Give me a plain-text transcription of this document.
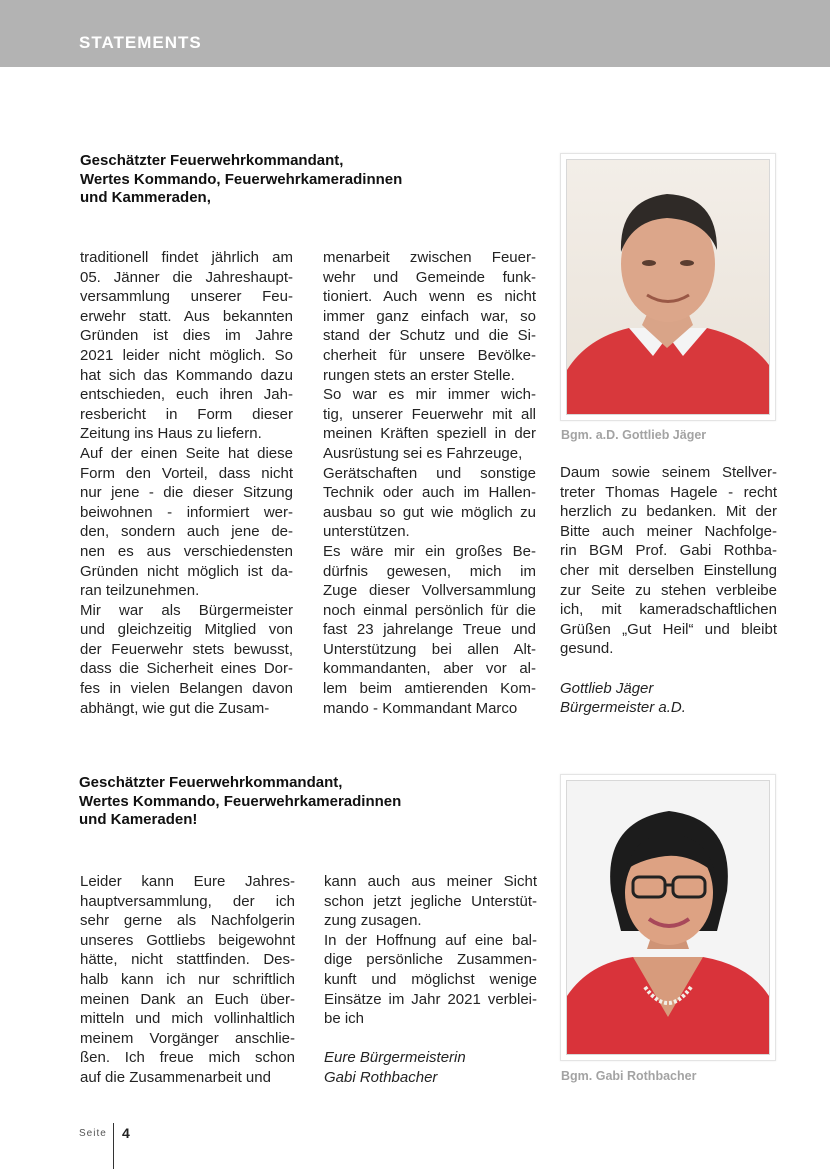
STATEMENTS
Geschätzter Feuerwehrkommandant,
Wertes Kommando, Feuerwehrkameradinnen
und Kammeraden,
traditionell findet jährlich am
05. Jänner die Jahreshaupt-
versammlung unserer Feu-
erwehr statt. Aus bekannten
Gründen ist dies im Jahre
2021 leider nicht möglich. So
hat sich das Kommando dazu
entschieden, euch ihren Jah-
resbericht in Form dieser
Zeitung ins Haus zu liefern.
Auf der einen Seite hat diese
Form den Vorteil, dass nicht
nur jene - die dieser Sitzung
beiwohnen - informiert wer-
den, sondern auch jene de-
nen es aus verschiedensten
Gründen nicht möglich ist da-
ran teilzunehmen.
Mir war als Bürgermeister
und gleichzeitig Mitglied von
der Feuerwehr stets bewusst,
dass die Sicherheit eines Dor-
fes in vielen Belangen davon
abhängt, wie gut die Zusam-
menarbeit zwischen Feuer-
wehr und Gemeinde funk-
tioniert. Auch wenn es nicht
immer ganz einfach war, so
stand der Schutz und die Si-
cherheit für unsere Bevölke-
rungen stets an erster Stelle.
So war es mir immer wich-
tig, unserer Feuerwehr mit all
meinen Kräften speziell in der
Ausrüstung sei es Fahrzeuge,
Gerätschaften und sonstige
Technik oder auch im Hallen-
ausbau so gut wie möglich zu
unterstützen.
Es wäre mir ein großes Be-
dürfnis gewesen, mich im
Zuge dieser Vollversammlung
noch einmal persönlich für die
fast 23 jahrelange Treue und
Unterstützung bei allen Alt-
kommandanten, aber vor al-
lem beim amtierenden Kom-
mando - Kommandant Marco
Bgm. a.D. Gottlieb Jäger
Daum sowie seinem Stellver-
treter Thomas Hagele - recht
herzlich zu bedanken. Mit der
Bitte auch meiner Nachfolge-
rin BGM Prof. Gabi Rothba-
cher mit derselben Einstellung
zur Seite zu stehen verbleibe
ich, mit kameradschaftlichen
Grüßen „Gut Heil“ und bleibt
gesund.
Gottlieb Jäger
Bürgermeister a.D.
Geschätzter Feuerwehrkommandant,
Wertes Kommando, Feuerwehrkameradinnen
und Kameraden!
Leider kann Eure Jahres-
hauptversammlung, der ich
sehr gerne als Nachfolgerin
unseres Gottliebs beigewohnt
hätte, nicht stattfinden. Des-
halb kann ich nur schriftlich
meinen Dank an Euch über-
mitteln und mich vollinhaltlich
meinem Vorgänger anschlie-
ßen. Ich freue mich schon
auf die Zusammenarbeit und
kann auch aus meiner Sicht
schon jetzt jegliche Unterstüt-
zung zusagen.
In der Hoffnung auf eine bal-
dige persönliche Zusammen-
kunft und möglichst wenige
Einsätze im Jahr 2021 verblei-
be ich
Eure Bürgermeisterin
Gabi Rothbacher	Bgm. Gabi Rothbacher
Seite 4
